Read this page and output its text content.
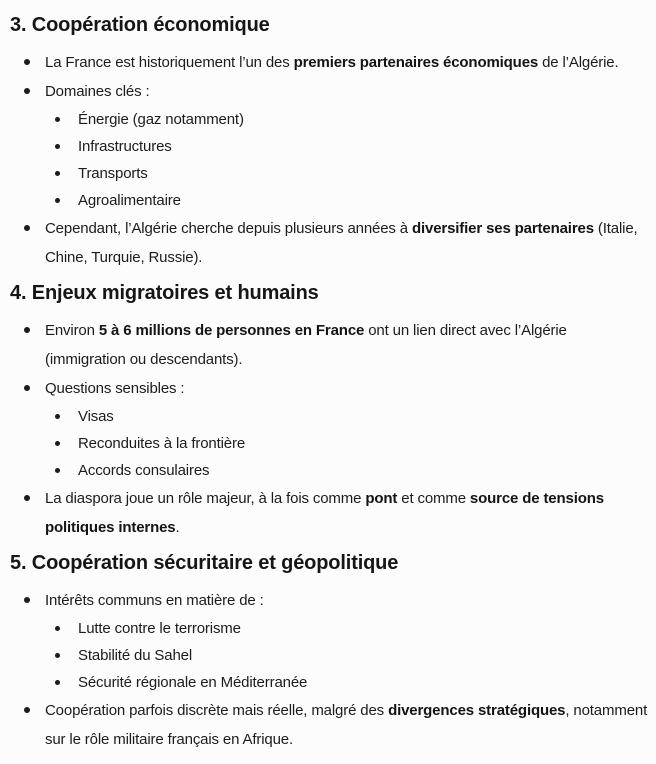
3. Coopération économique
La France est historiquement l’un des premiers partenaires économiques de l’Algérie.
Domaines clés :
Énergie (gaz notamment)
Infrastructures
Transports
Agroalimentaire
Cependant, l’Algérie cherche depuis plusieurs années à diversifier ses partenaires (Italie, Chine, Turquie, Russie).
4. Enjeux migratoires et humains
Environ 5 à 6 millions de personnes en France ont un lien direct avec l’Algérie (immigration ou descendants).
Questions sensibles :
Visas
Reconduites à la frontière
Accords consulaires
La diaspora joue un rôle majeur, à la fois comme pont et comme source de tensions politiques internes.
5. Coopération sécuritaire et géopolitique
Intérêts communs en matière de :
Lutte contre le terrorisme
Stabilité du Sahel
Sécurité régionale en Méditerranée
Coopération parfois discrète mais réelle, malgré des divergences stratégiques, notamment sur le rôle militaire français en Afrique.
